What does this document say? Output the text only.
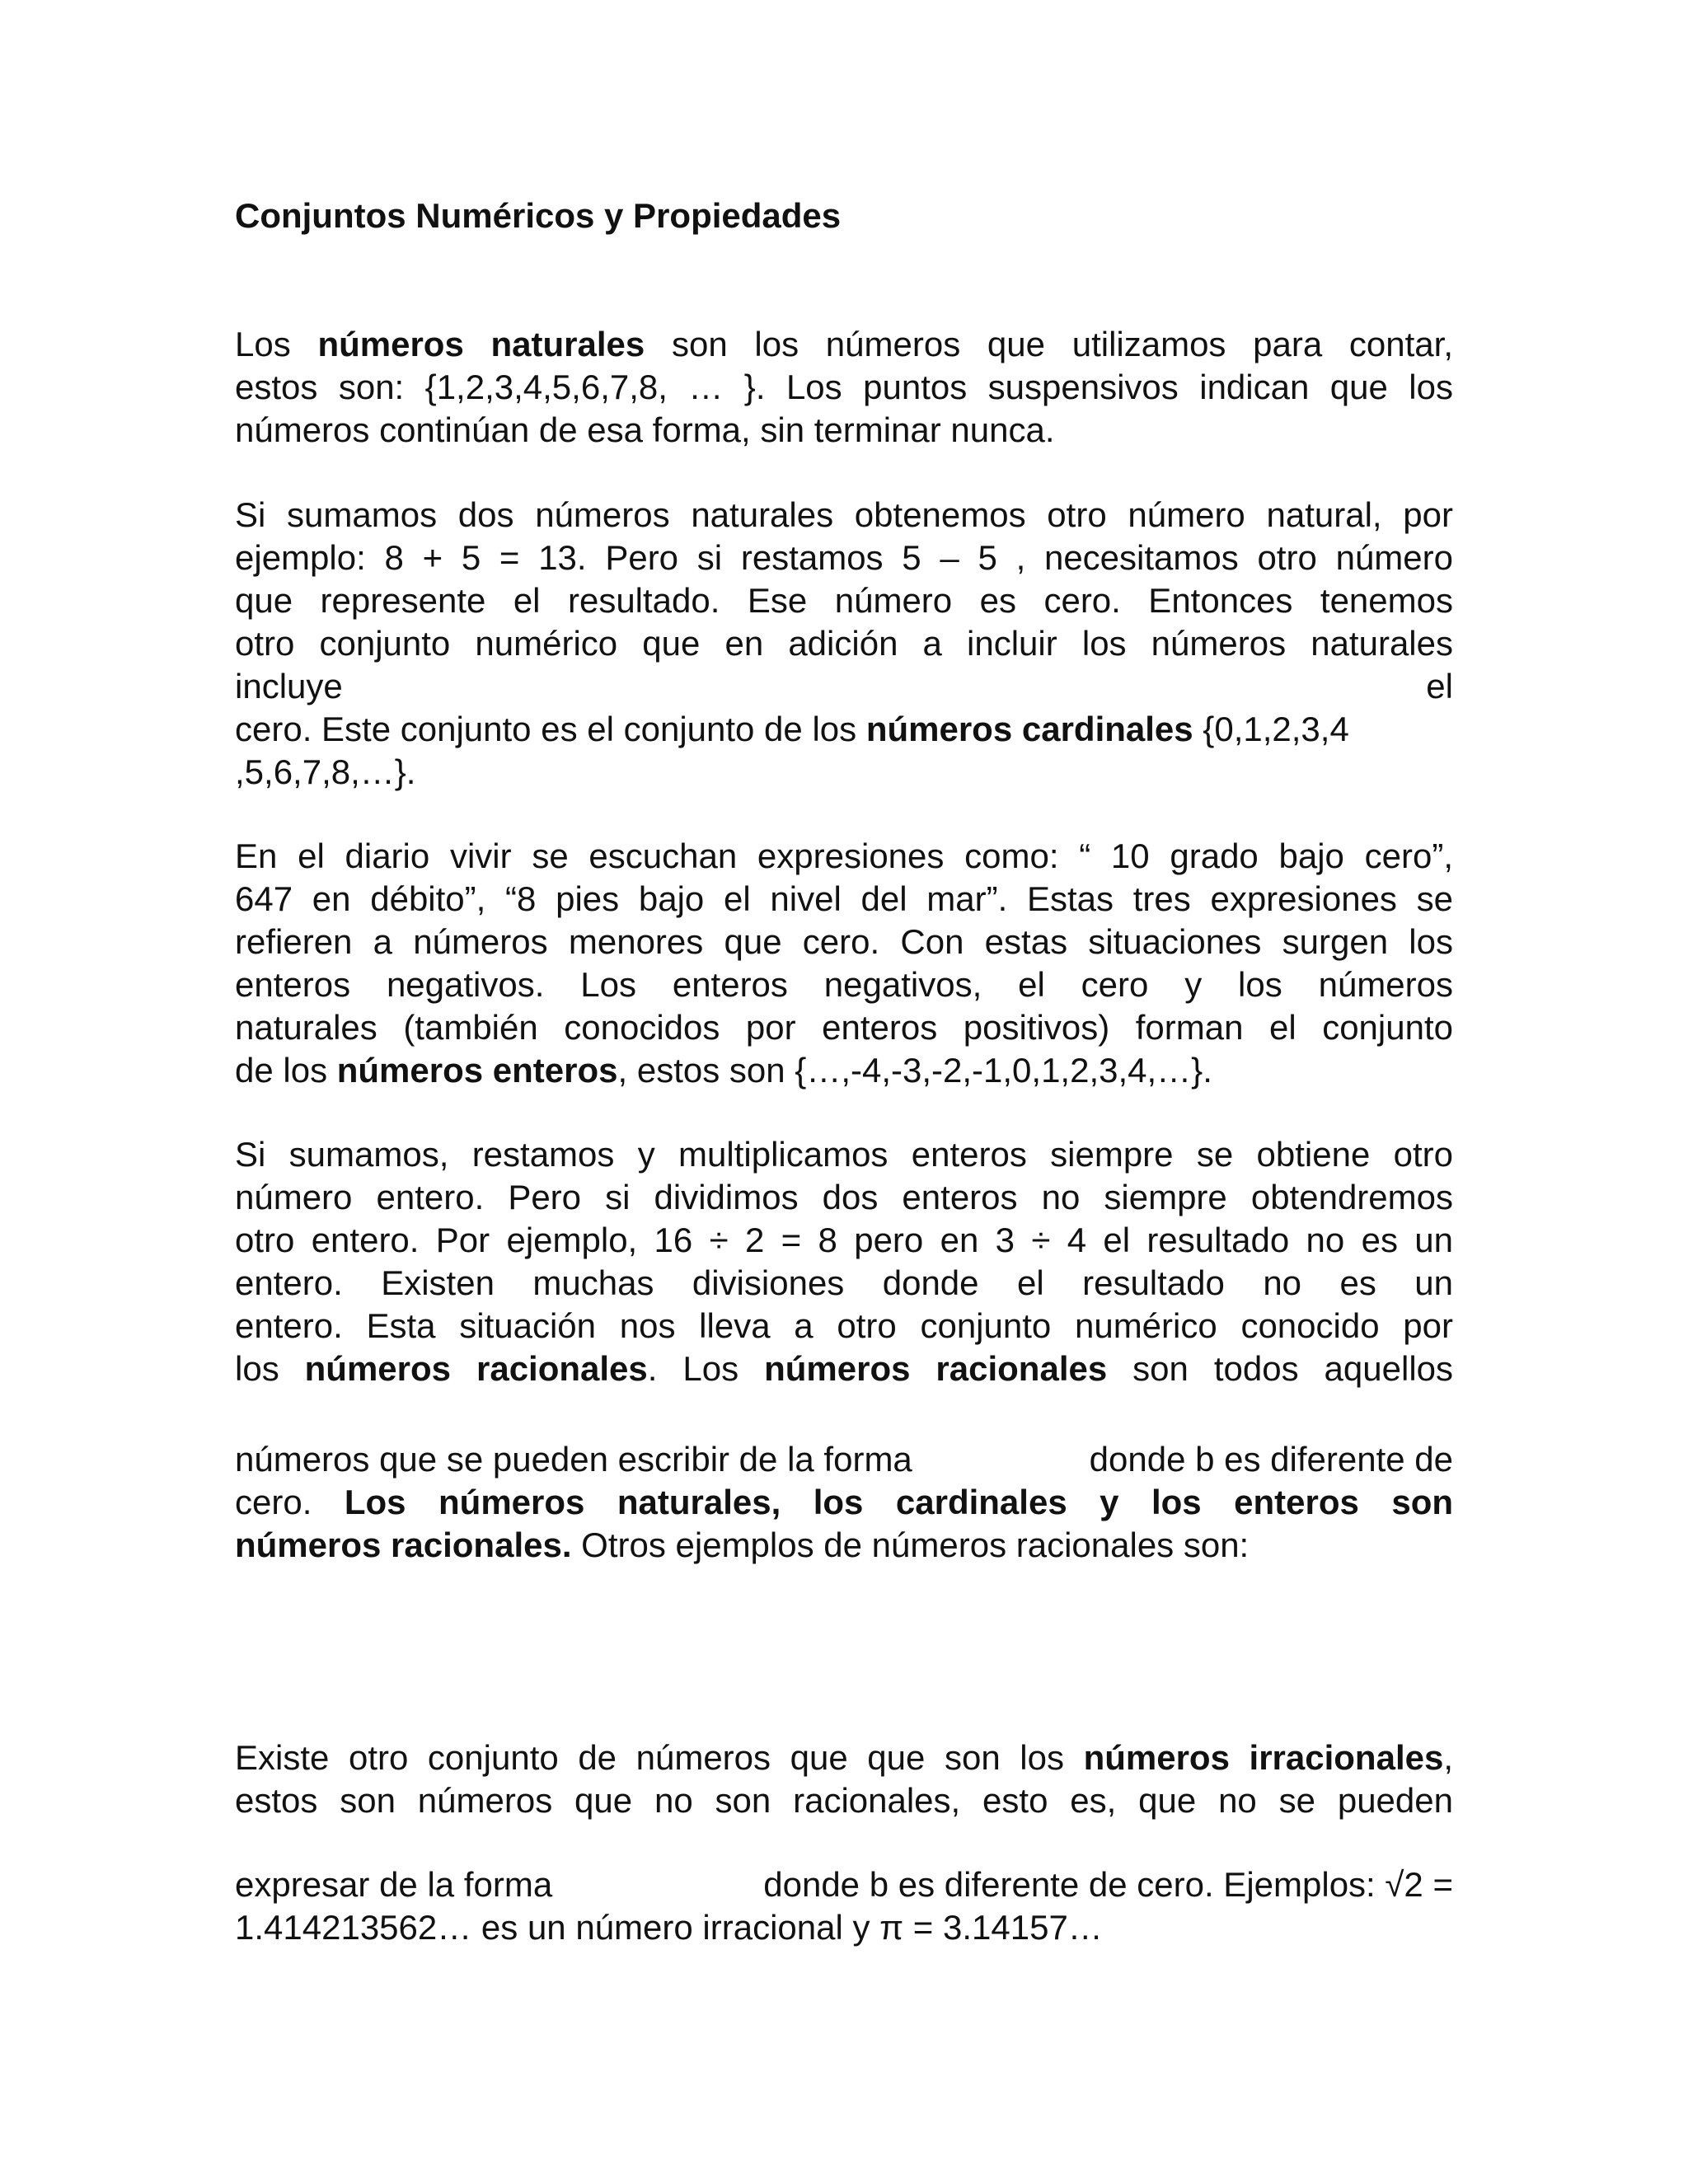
Conjuntos Numéricos y Propiedades
Los números naturales son los números que utilizamos para contar,
estos son: {1,2,3,4,5,6,7,8, … }. Los puntos suspensivos indican que los
números continúan de esa forma, sin terminar nunca.
Si sumamos dos números naturales obtenemos otro número natural, por
ejemplo: 8 + 5 = 13. Pero si restamos 5 – 5 , necesitamos otro número
que represente el resultado. Ese número es cero. Entonces tenemos
otro conjunto numérico que en adición a incluir los números naturales
incluye	el
cero. Este conjunto es el conjunto de los números cardinales {0,1,2,3,4
,5,6,7,8,…}.
En el diario vivir se escuchan expresiones como: “ 10 grado bajo cero”,
647 en débito”, “8 pies bajo el nivel del mar”. Estas tres expresiones se
refieren a números menores que cero. Con estas situaciones surgen los
enteros negativos. Los enteros negativos, el cero y los números
naturales (también conocidos por enteros positivos) forman el conjunto
de los números enteros, estos son {…,-4,-3,-2,-1,0,1,2,3,4,…}.
Si sumamos, restamos y multiplicamos enteros siempre se obtiene otro
número entero. Pero si dividimos dos enteros no siempre obtendremos
otro entero. Por ejemplo, 16 ÷ 2 = 8 pero en 3 ÷ 4 el resultado no es un
entero. Existen muchas divisiones donde el resultado no es un
entero. Esta situación nos lleva a otro conjunto numérico conocido por
los números racionales. Los números racionales son todos aquellos
números que se pueden escribir de la forma	donde b es diferente de
cero. Los números naturales, los cardinales y los enteros son
números racionales. Otros ejemplos de números racionales son:
Existe otro conjunto de números que que son los números irracionales,
estos son números que no son racionales, esto es, que no se pueden
expresar de la forma	donde b es diferente de cero. Ejemplos: √2 =
1.414213562… es un número irracional y π = 3.14157…
